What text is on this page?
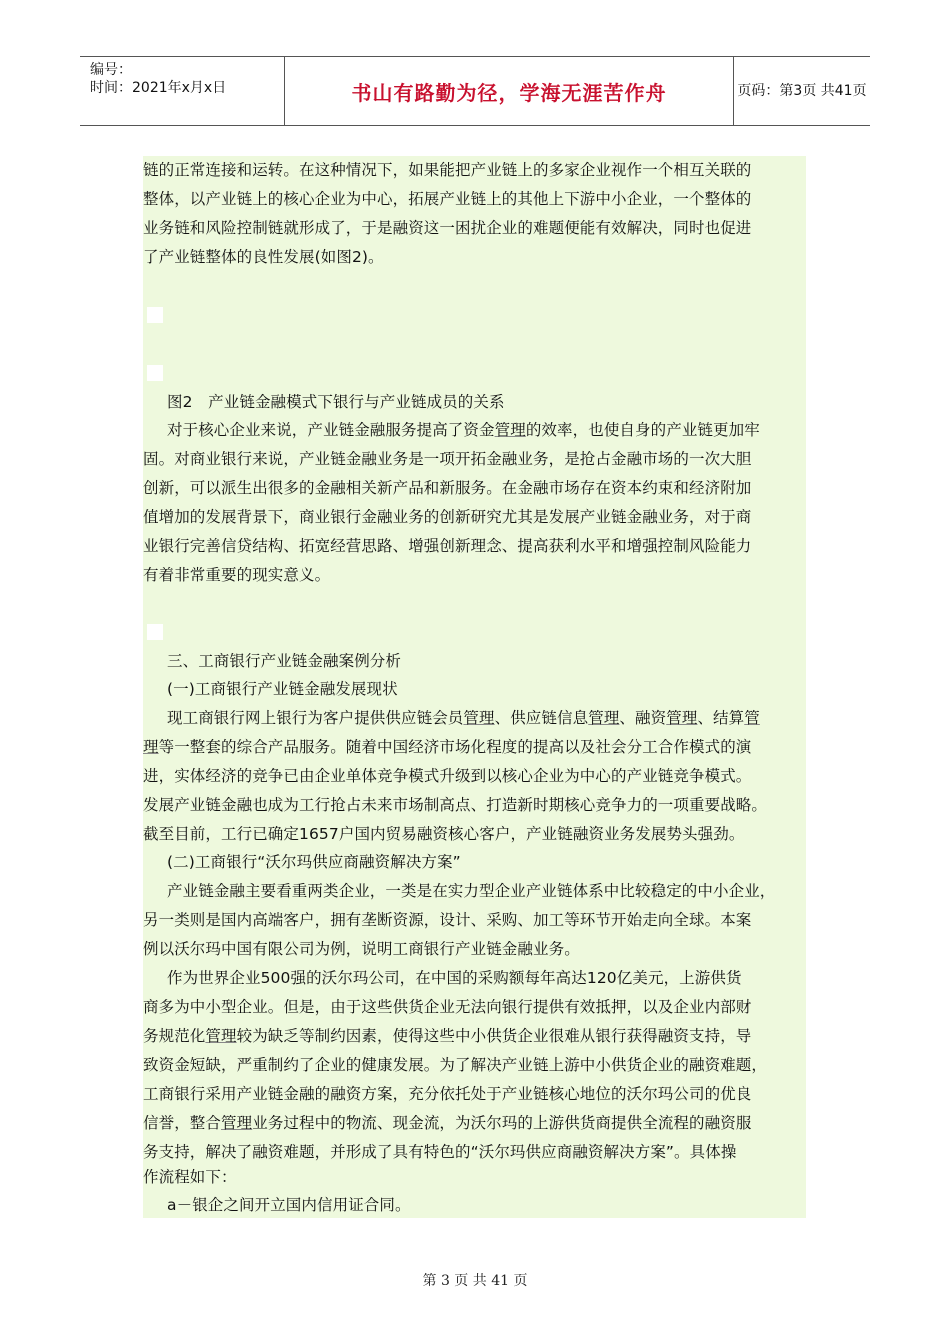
编号：
时间：2021年x月x日	书山有路勤为径，学海无涯苦作舟	页码：第3页 共41页
链的正常连接和运转。在这种情况下，如果能把产业链上的多家企业视作一个相互关联的
整体，以产业链上的核心企业为中心，拓展产业链上的其他上下游中小企业，一个整体的
业务链和风险控制链就形成了，于是融资这一困扰企业的难题便能有效解决，同时也促进
了产业链整体的良性发展(如图2)。
图2　产业链金融模式下银行与产业链成员的关系
对于核心企业来说，产业链金融服务提高了资金管理的效率，也使自身的产业链更加牢
固。对商业银行来说，产业链金融业务是一项开拓金融业务，是抢占金融市场的一次大胆
创新，可以派生出很多的金融相关新产品和新服务。在金融市场存在资本约束和经济附加
值增加的发展背景下，商业银行金融业务的创新研究尤其是发展产业链金融业务，对于商
业银行完善信贷结构、拓宽经营思路、增强创新理念、提高获利水平和增强控制风险能力
有着非常重要的现实意义。
三、工商银行产业链金融案例分析
(一)工商银行产业链金融发展现状
现工商银行网上银行为客户提供供应链会员管理、供应链信息管理、融资管理、结算管
理等一整套的综合产品服务。随着中国经济市场化程度的提高以及社会分工合作模式的演
进，实体经济的竞争已由企业单体竞争模式升级到以核心企业为中心的产业链竞争模式。
发展产业链金融也成为工行抢占未来市场制高点、打造新时期核心竞争力的一项重要战略。
截至目前，工行已确定1657户国内贸易融资核心客户，产业链融资业务发展势头强劲。
(二)工商银行“沃尔玛供应商融资解决方案”
产业链金融主要看重两类企业，一类是在实力型企业产业链体系中比较稳定的中小企业，
另一类则是国内高端客户，拥有垄断资源，设计、采购、加工等环节开始走向全球。本案
例以沃尔玛中国有限公司为例，说明工商银行产业链金融业务。
作为世界企业500强的沃尔玛公司，在中国的采购额每年高达120亿美元，上游供货
商多为中小型企业。但是，由于这些供货企业无法向银行提供有效抵押，以及企业内部财
务规范化管理较为缺乏等制约因素，使得这些中小供货企业很难从银行获得融资支持，导
致资金短缺，严重制约了企业的健康发展。为了解决产业链上游中小供货企业的融资难题，
工商银行采用产业链金融的融资方案，充分依托处于产业链核心地位的沃尔玛公司的优良
信誉，整合管理业务过程中的物流、现金流，为沃尔玛的上游供货商提供全流程的融资服
务支持，解决了融资难题，并形成了具有特色的“沃尔玛供应商融资解决方案”。具体操
作流程如下：
a－银企之间开立国内信用证合同。
第 3 页 共 41 页
